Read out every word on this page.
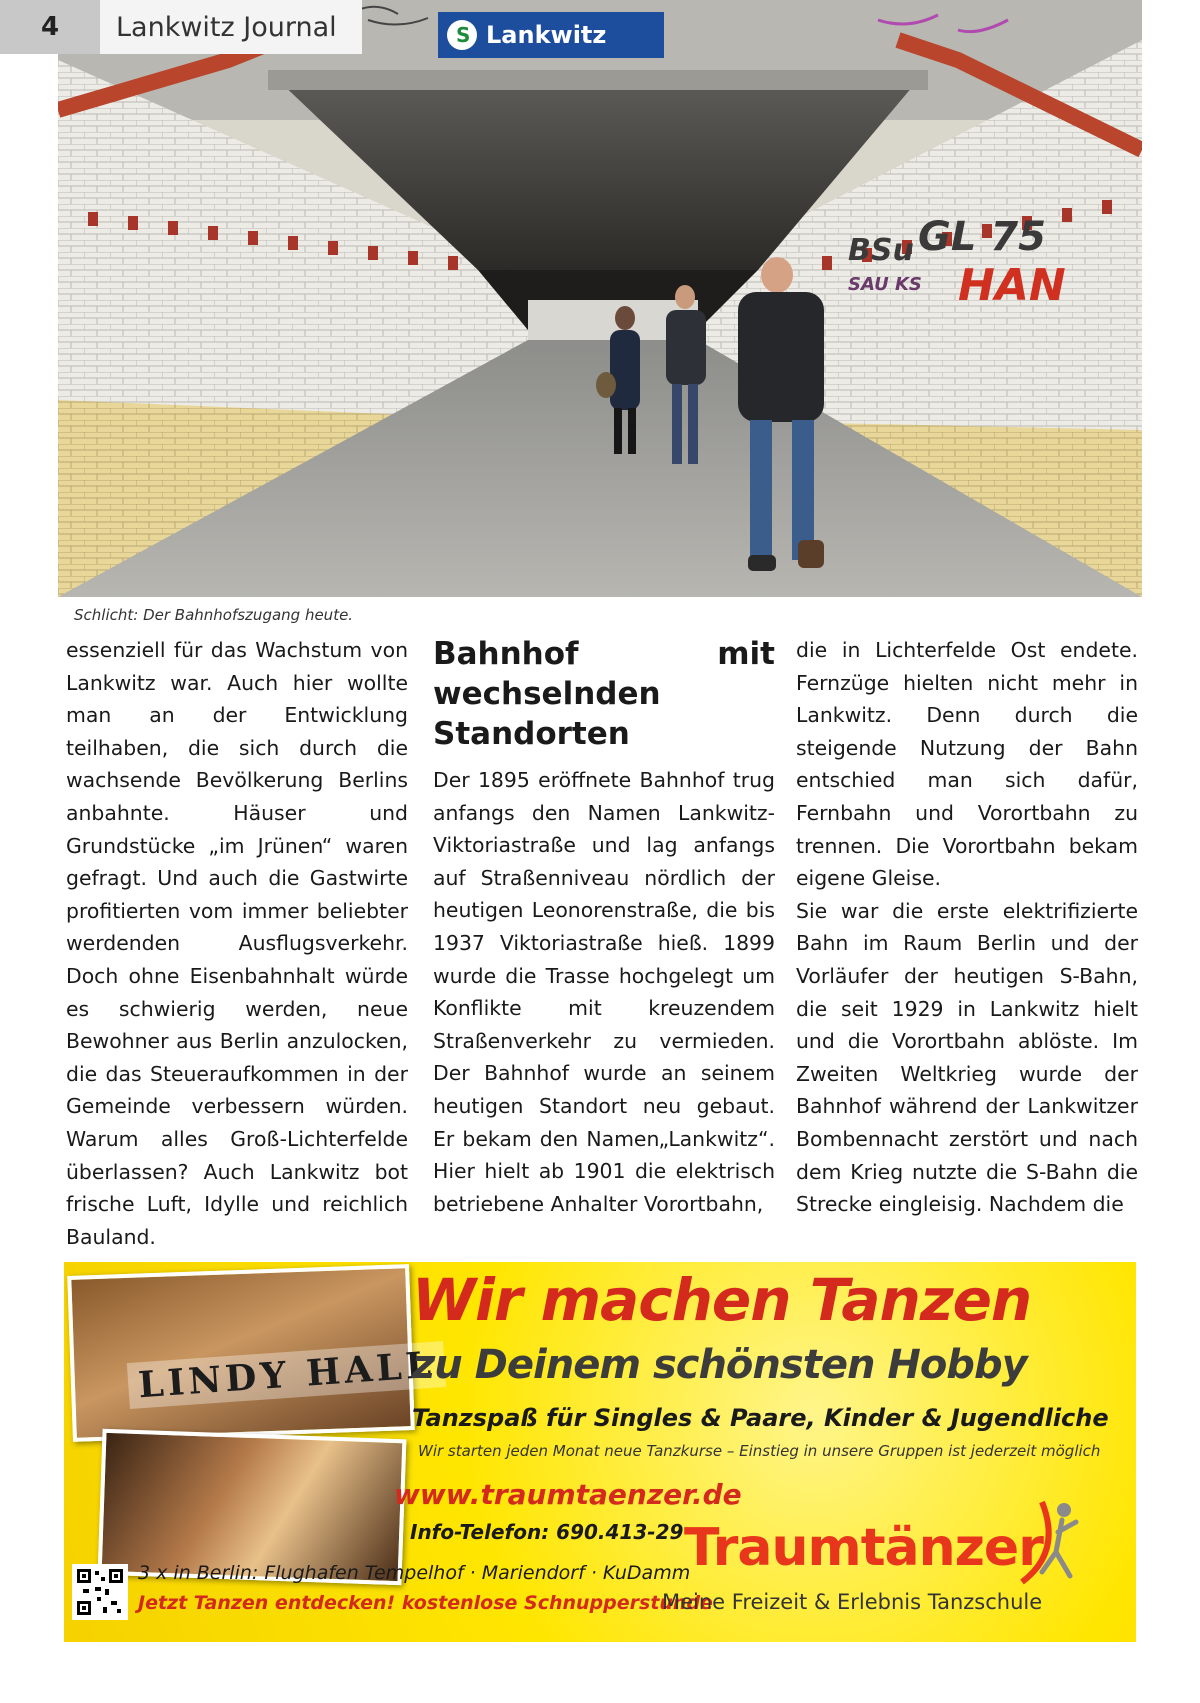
BSu GL 75
HAN
SAU KS
S Lankwitz
4	Lankwitz Journal
Schlicht: Der Bahnhofszugang heute.

essenziell für das Wachstum von Lankwitz war. Auch hier wollte man an der Entwicklung teilhaben, die sich durch die wachsende Bevölkerung Berlins anbahnte. Häuser und Grundstücke „im Jrünen“ waren gefragt. Und auch die Gastwirte profitierten vom immer beliebter werdenden Ausflugsverkehr. Doch ohne Eisenbahnhalt würde es schwierig werden, neue Bewohner aus Berlin anzulocken, die das Steueraufkommen in der Gemeinde verbessern würden. Warum alles Groß-Lichterfelde überlassen? Auch Lankwitz bot frische Luft, Idylle und reichlich Bauland.

Bahnhof mit wechselnden Standorten

Der 1895 eröffnete Bahnhof trug anfangs den Namen Lankwitz-Viktoriastraße und lag anfangs auf Straßenniveau nördlich der heutigen Leonorenstraße, die bis 1937 Viktoriastraße hieß. 1899 wurde die Trasse hochgelegt um Konflikte mit kreuzendem Straßenverkehr zu vermieden. Der Bahnhof wurde an seinem heutigen Standort neu gebaut. Er bekam den Namen„Lankwitz“. Hier hielt ab 1901 die elektrisch betriebene Anhalter Vorortbahn,

die in Lichterfelde Ost endete. Fernzüge hielten nicht mehr in Lankwitz. Denn durch die steigende Nutzung der Bahn entschied man sich dafür, Fernbahn und Vorortbahn zu trennen. Die Vorortbahn bekam eigene Gleise.

Sie war die erste elektrifizierte Bahn im Raum Berlin und der Vorläufer der heutigen S-Bahn, die seit 1929 in Lankwitz hielt und die Vorortbahn ablöste. Im Zweiten Weltkrieg wurde der Bahnhof während der Lankwitzer Bombennacht zerstört und nach dem Krieg nutzte die S-Bahn die Strecke eingleisig. Nachdem die

LINDY HALL
Wir machen Tanzen
zu Deinem schönsten Hobby
Tanzspaß für Singles & Paare, Kinder & Jugendliche
Wir starten jeden Monat neue Tanzkurse – Einstieg in unsere Gruppen ist jederzeit möglich
www.traumtaenzer.de
Info-Telefon: 690.413-29
3 x in Berlin: Flughafen Tempelhof · Mariendorf · KuDamm
Jetzt Tanzen entdecken! kostenlose Schnupperstunde
Traumtänzer
Meine Freizeit & Erlebnis Tanzschule
